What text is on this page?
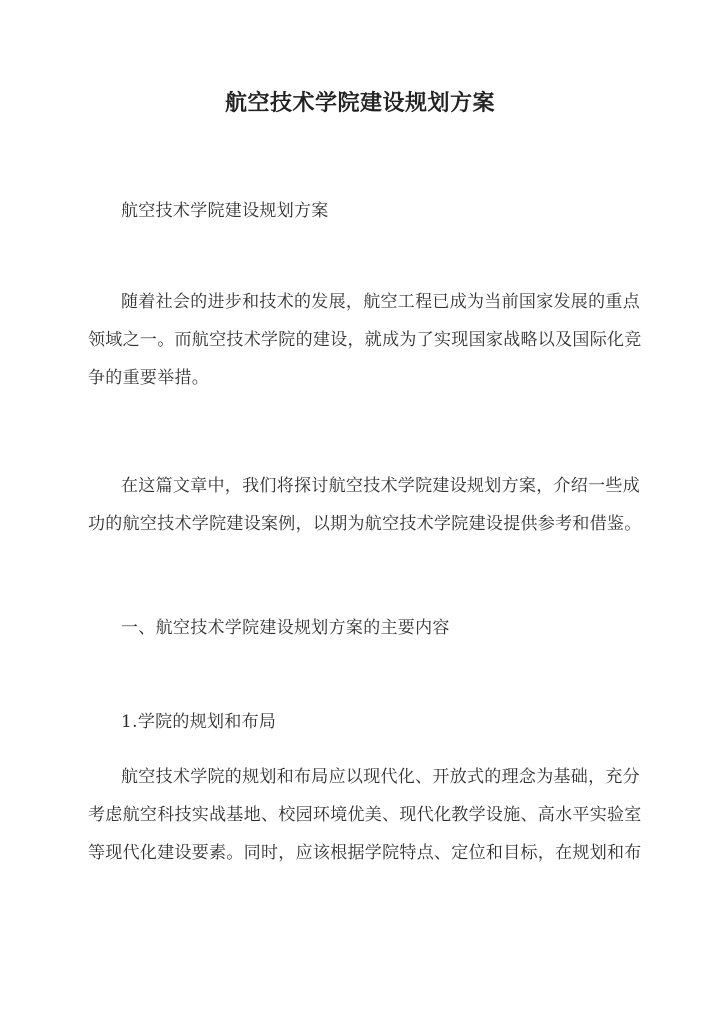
航空技术学院建设规划方案
航空技术学院建设规划方案
随着社会的进步和技术的发展，航空工程已成为当前国家发展的重点
领域之一。而航空技术学院的建设，就成为了实现国家战略以及国际化竞
争的重要举措。
在这篇文章中，我们将探讨航空技术学院建设规划方案，介绍一些成
功的航空技术学院建设案例，以期为航空技术学院建设提供参考和借鉴。
一、航空技术学院建设规划方案的主要内容
1.学院的规划和布局
航空技术学院的规划和布局应以现代化、开放式的理念为基础，充分
考虑航空科技实战基地、校园环境优美、现代化教学设施、高水平实验室
等现代化建设要素。同时，应该根据学院特点、定位和目标，在规划和布
